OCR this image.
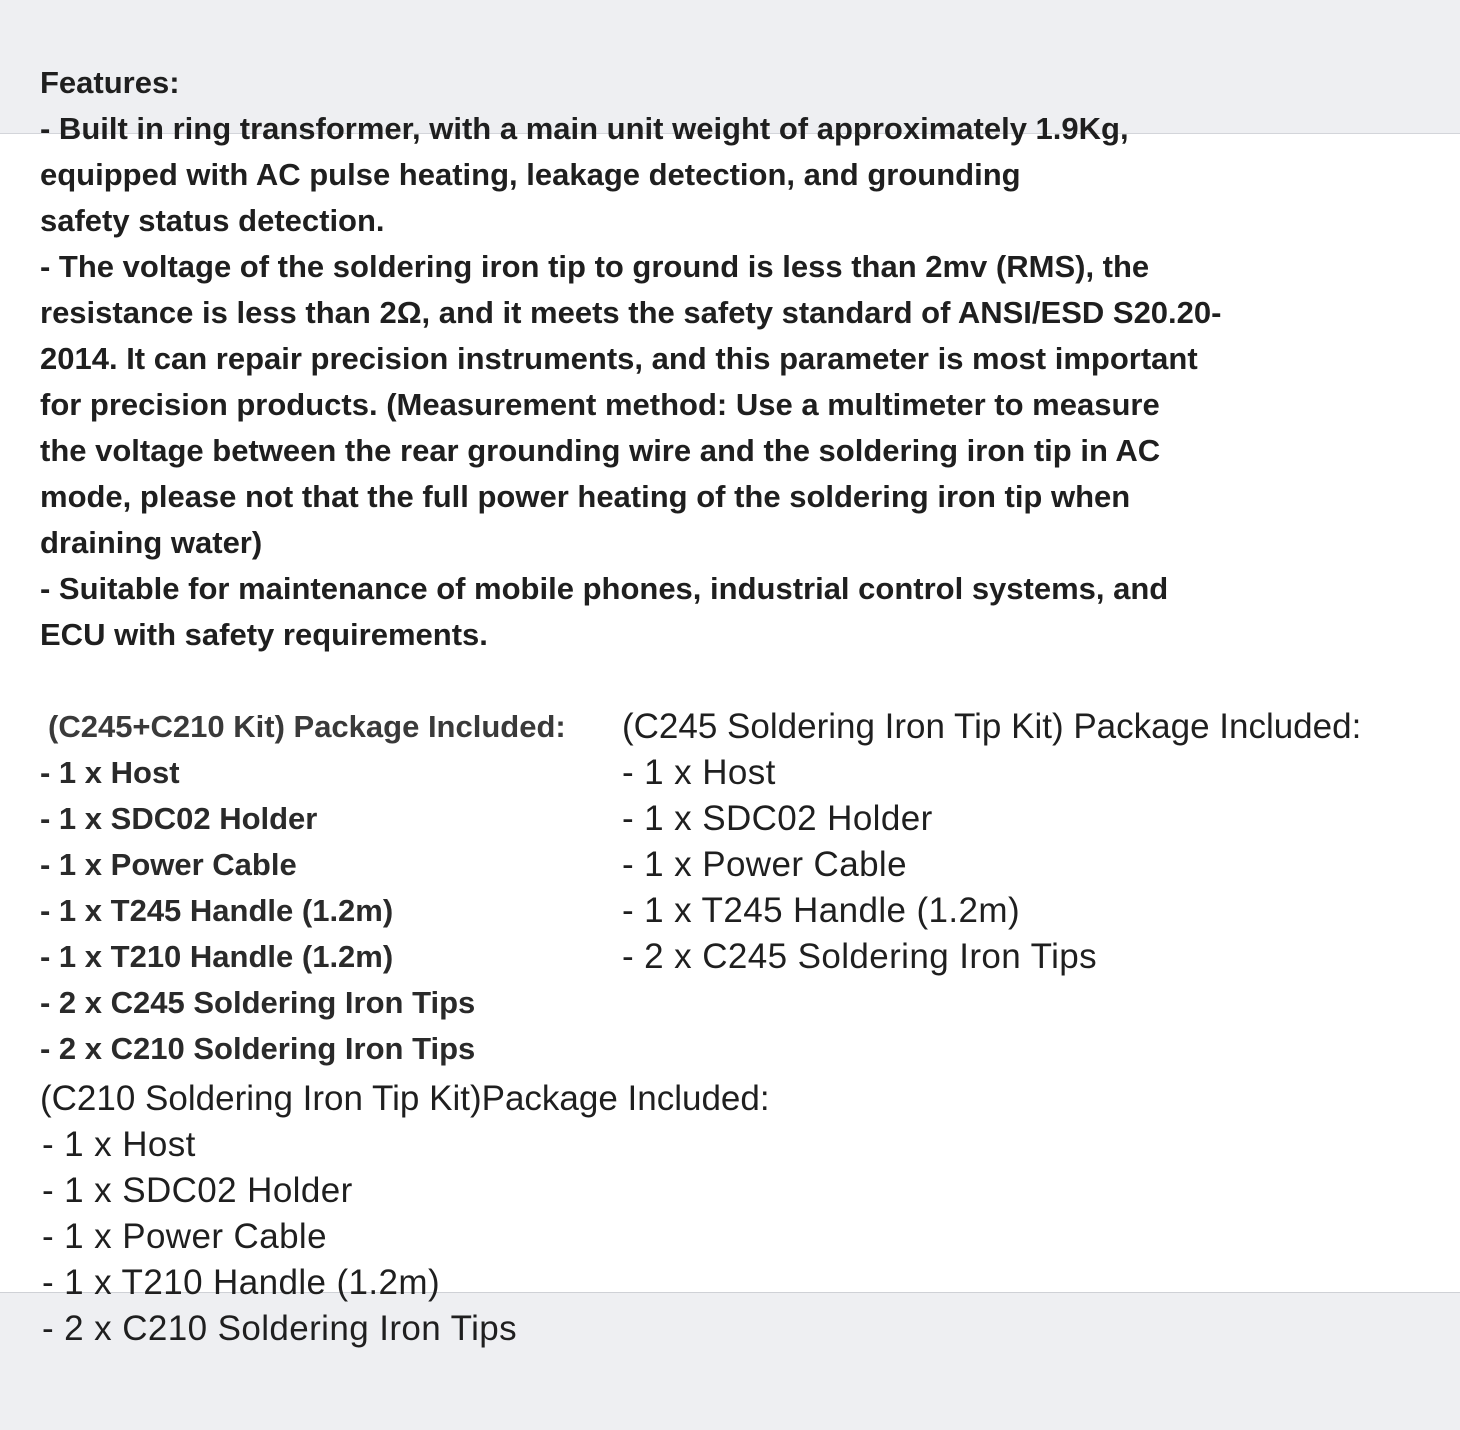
Features:
- Built in ring transformer, with a main unit weight of approximately 1.9Kg,
equipped with AC pulse heating, leakage detection, and grounding
safety status detection.
- The voltage of the soldering iron tip to ground is less than 2mv (RMS), the
resistance is less than 2Ω, and it meets the safety standard of ANSI/ESD S20.20-
2014. It can repair precision instruments, and this parameter is most important
for precision products. (Measurement method: Use a multimeter to measure
the voltage between the rear grounding wire and the soldering iron tip in AC
mode, please not that the full power heating of the soldering iron tip when
draining water)
- Suitable for maintenance of mobile phones, industrial control systems, and
ECU with safety requirements.
(C245+C210 Kit) Package Included:
- 1 x Host
- 1 x SDC02 Holder
- 1 x Power Cable
- 1 x T245 Handle (1.2m)
- 1 x T210 Handle (1.2m)
- 2 x C245 Soldering Iron Tips
- 2 x C210 Soldering Iron Tips
(C245 Soldering Iron Tip Kit) Package Included:
- 1 x Host
- 1 x SDC02 Holder
- 1 x Power Cable
- 1 x T245 Handle (1.2m)
- 2 x C245 Soldering Iron Tips
(C210 Soldering Iron Tip Kit)Package Included:
- 1 x Host
- 1 x SDC02 Holder
- 1 x Power Cable
- 1 x T210 Handle (1.2m)
- 2 x C210 Soldering Iron Tips
